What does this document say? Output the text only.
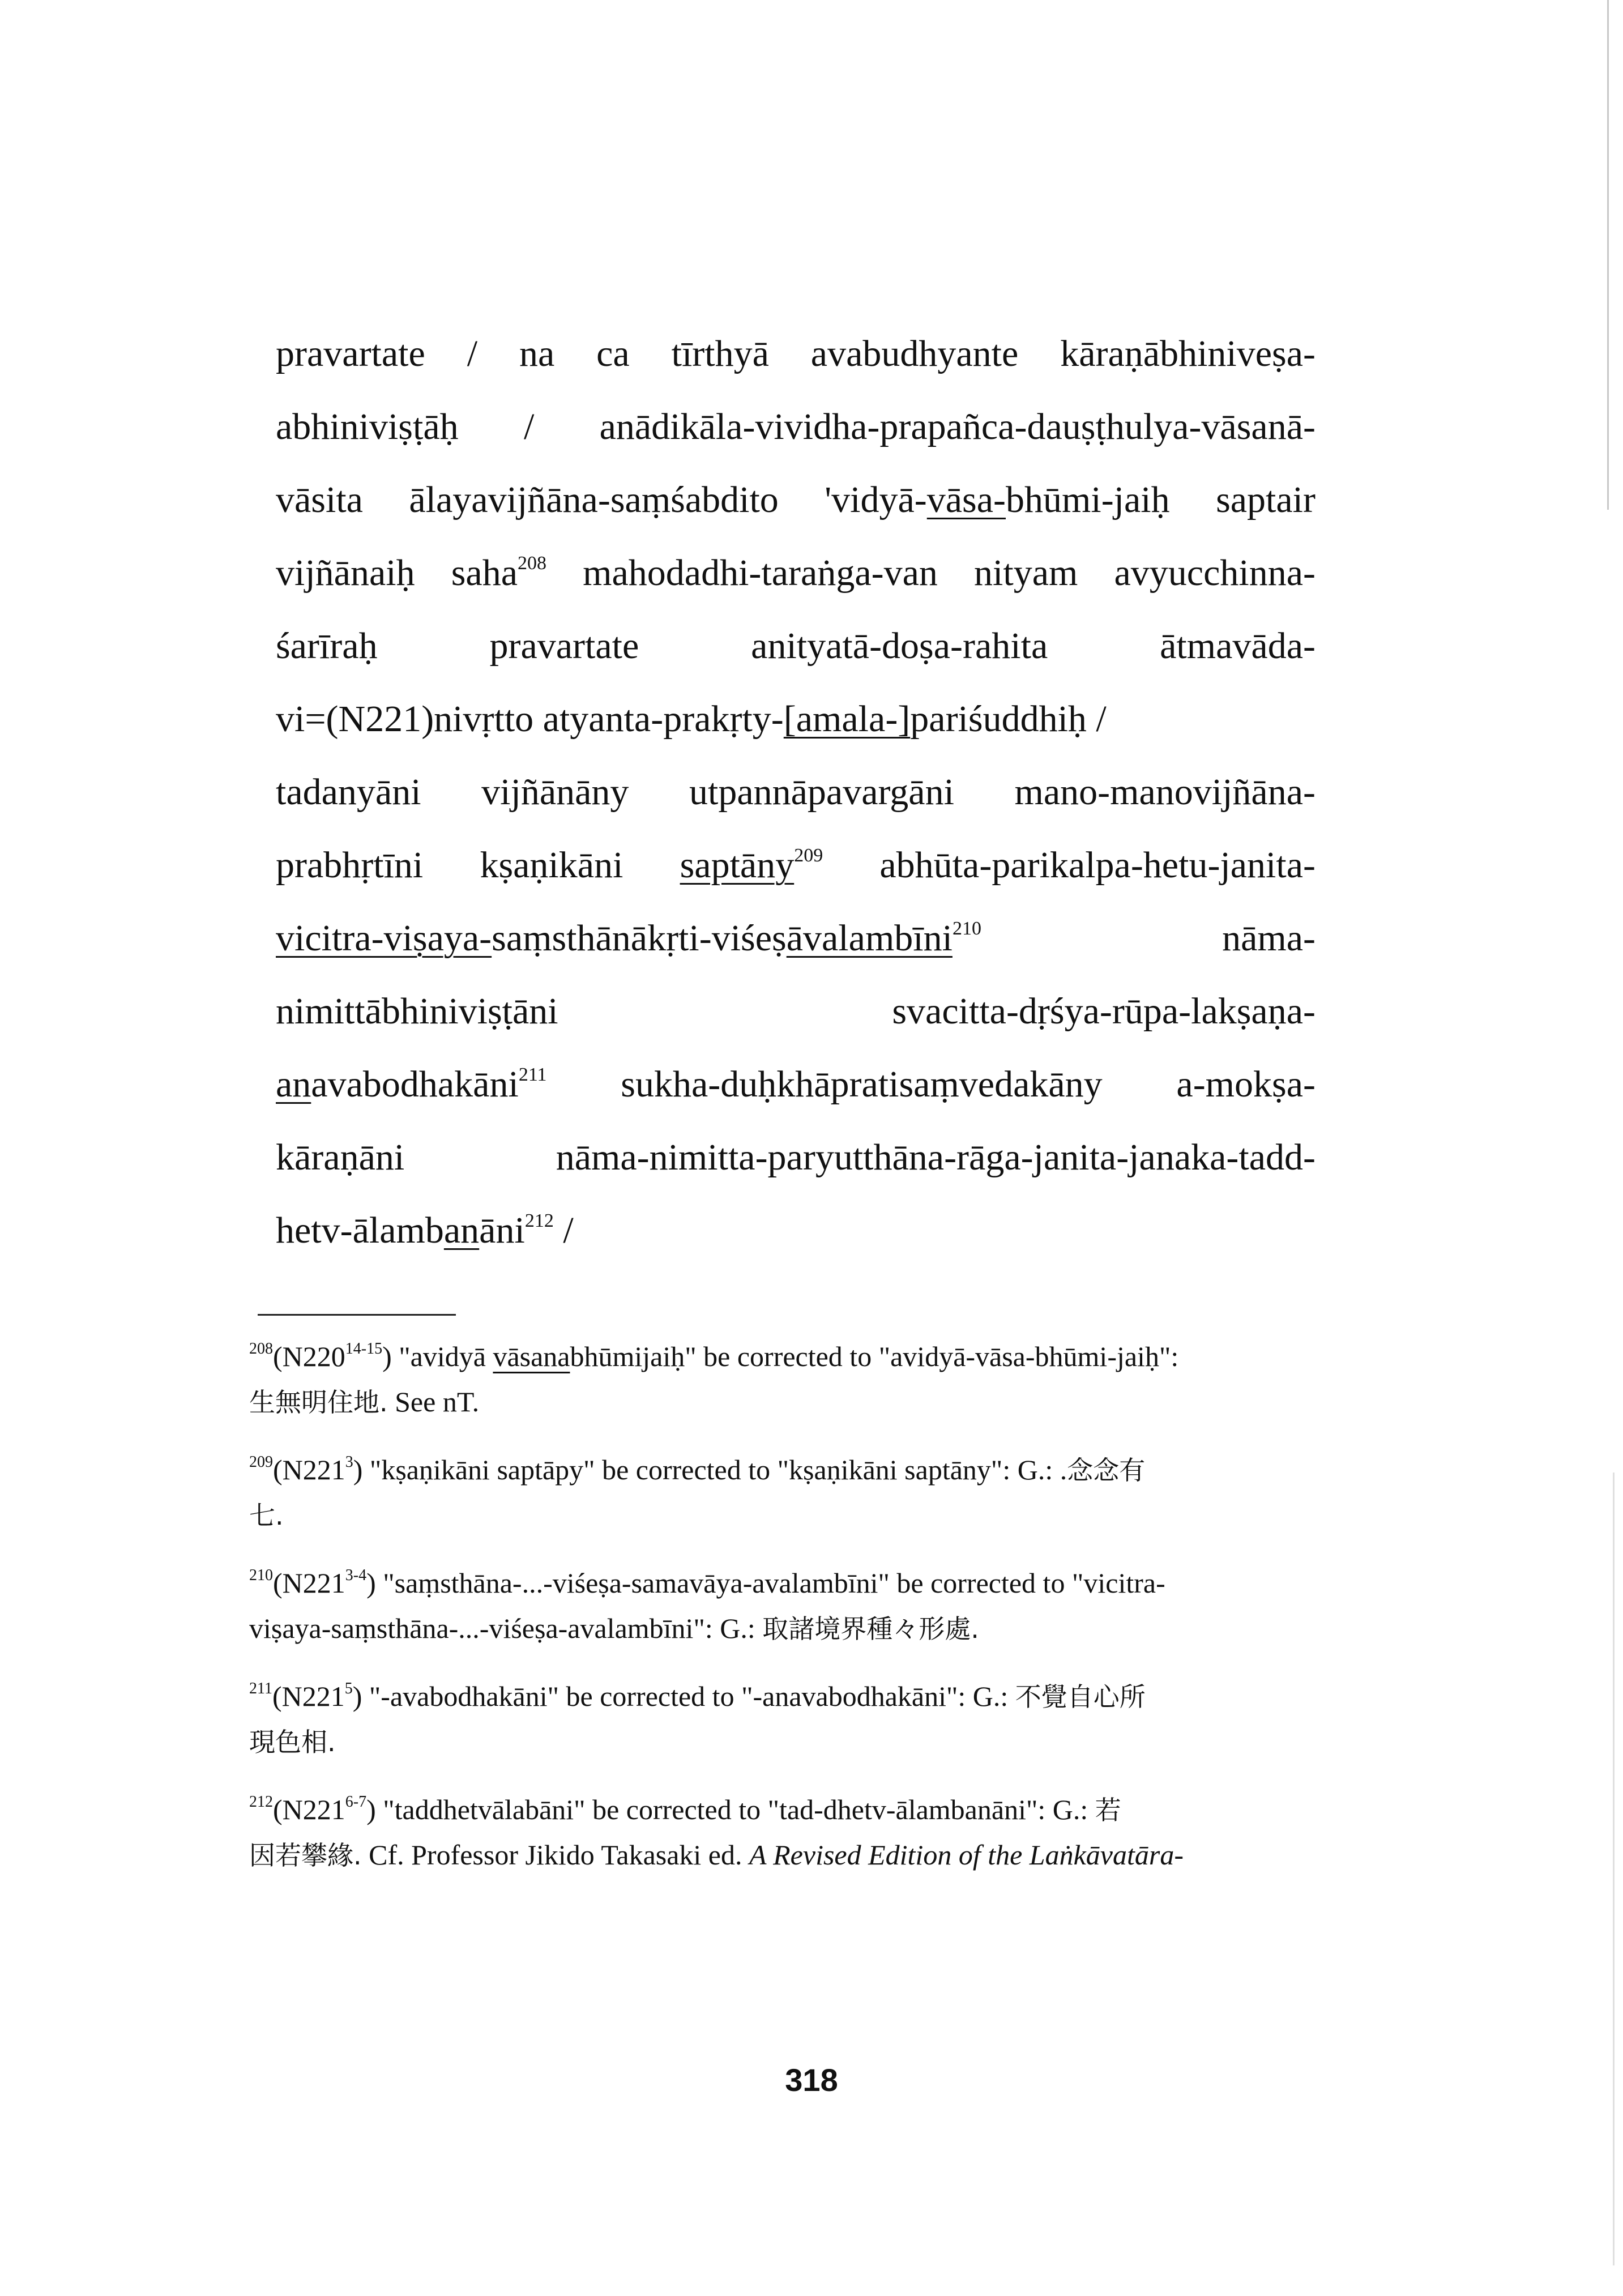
pravartate / na ca tīrthyā avabudhyante kāraṇābhiniveṣa-
abhiniviṣṭāḥ / anādikāla-vividha-prapañca-dauṣṭhulya-vāsanā-
vāsita ālayavijñāna-saṃśabdito 'vidyā-vāsa-bhūmi-jaiḥ saptair
vijñānaiḥ saha$^{208}$ mahodadhi-taraṅga-van nityam avyucchinna-
śarīraḥ	pravartate	anityatā-doṣa-rahita	ātmavāda-
vi=(N221)nivṛtto atyanta-prakṛty-[amala-]pariśuddhiḥ /
tadanyāni vijñānāny utpannāpavargāni mano-manovijñāna-
prabhṛtīni kṣaṇikāni saptāny$^{209}$ abhūta-parikalpa-hetu-janita-
vicitra-viṣaya-saṃsthānākṛti-viśeṣāvalambīni$^{210}$	nāma-
nimittābhiniviṣṭāni	svacitta-dṛśya-rūpa-lakṣaṇa-
anavabodhakāni$^{211}$ sukha-duḥkhāpratisaṃvedakāny a-mokṣa-
kāraṇāni	nāma-nimitta-paryutthāna-rāga-janita-janaka-tadd-
hetv-ālambanāni$^{212}$ /
$^{208}$(N220$^{14-15}$) "avidyā vāsanabhūmijaiḥ" be corrected to "avidyā-vāsa-bhūmi-jaiḥ":
生無明住地. See nT.
$^{209}(N221^3)$ "kṣaṇikāni saptāpy" be corrected to "kṣaṇikāni saptāny": G.: .念念有
七.
$^{210}$(N221$^{3-4}$) "saṃsthāna-...-viśeṣa-samavāya-avalambīni" be corrected to "vicitra-
viṣaya-saṃsthāna-...-viśeṣa-avalambīni": G.: 取諸境界種々形處.
$^{211}(N221^5)$ "-avabodhakāni" be corrected to "-anavabodhakāni": G.: 不覺自心所
現色相.
$^{212}$(N221$^{6-7}$) "taddhetvālabāni" be corrected to "tad-dhetv-ālambanāni": G.: 若
因若攀緣. Cf. Professor Jikido Takasaki ed. A Revised Edition of the Laṅkāvatāra-
318
